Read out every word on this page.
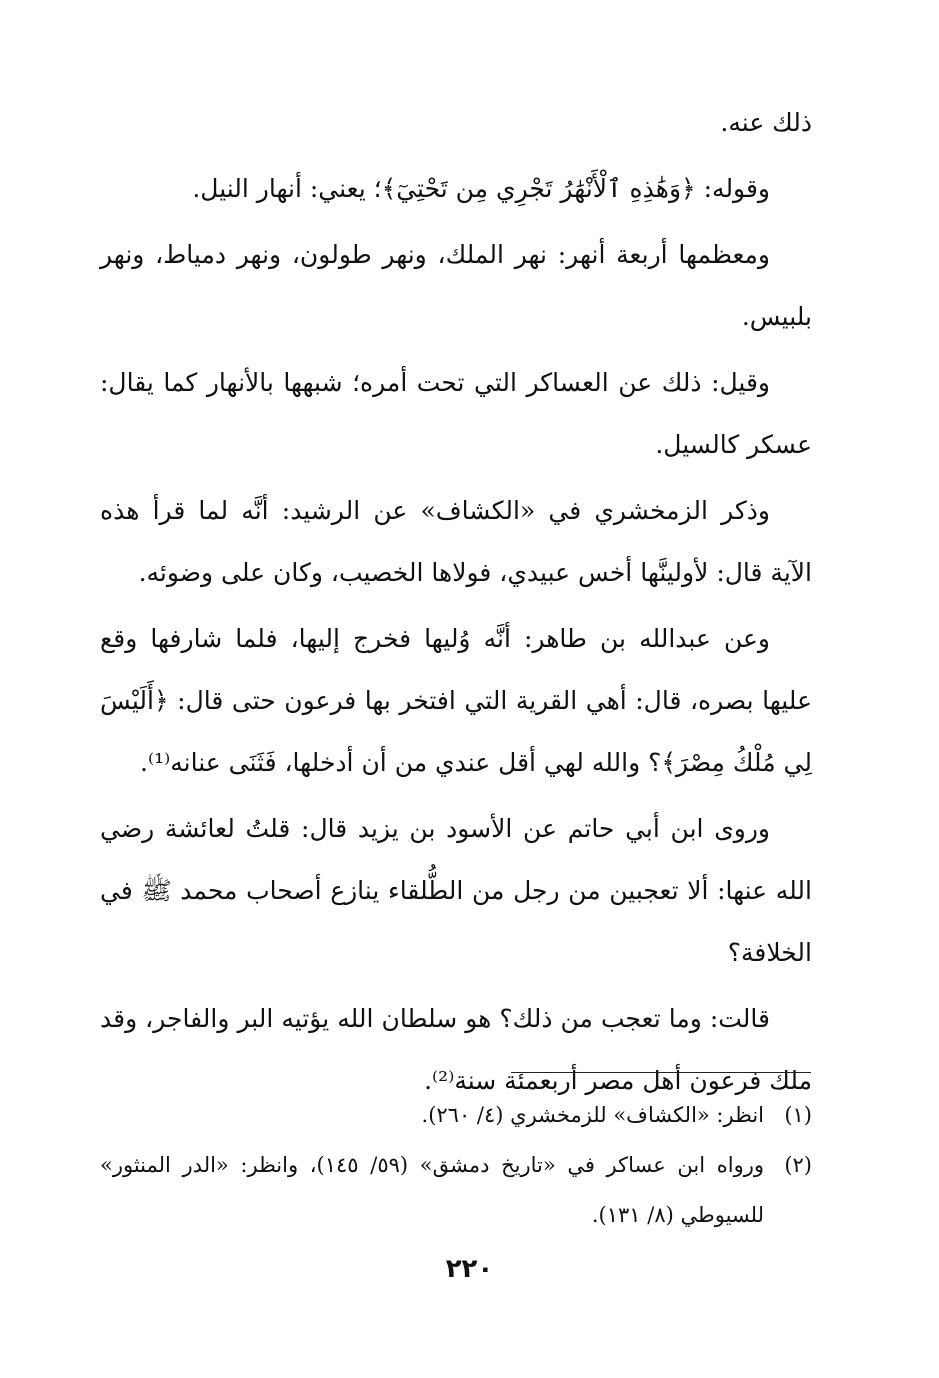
ذلك عنه.

وقوله: ﴿وَهَٰذِهِ ٱلْأَنْهَٰرُ تَجْرِي مِن تَحْتِيٓ﴾؛ يعني: أنهار النيل.

ومعظمها أربعة أنهر: نهر الملك، ونهر طولون، ونهر دمياط، ونهر بلبيس.

وقيل: ذلك عن العساكر التي تحت أمره؛ شبهها بالأنهار كما يقال: عسكر كالسيل.

وذكر الزمخشري في «الكشاف» عن الرشيد: أنَّه لما قرأ هذه الآية قال: لأولينَّها أخس عبيدي، فولاها الخصيب، وكان على وضوئه.

وعن عبدالله بن طاهر: أنَّه وُليها فخرج إليها، فلما شارفها وقع عليها بصره، قال: أهي القرية التي افتخر بها فرعون حتى قال: ﴿أَلَيْسَ لِي مُلْكُ مِصْرَ﴾؟ والله لهي أقل عندي من أن أدخلها، فَثَنَى عنانه⁽¹⁾.

وروى ابن أبي حاتم عن الأسود بن يزيد قال: قلتُ لعائشة رضي الله عنها: ألا تعجبين من رجل من الطُّلقاء ينازع أصحاب محمد ﷺ في الخلافة؟

قالت: وما تعجب من ذلك؟ هو سلطان الله يؤتيه البر والفاجر، وقد ملك فرعون أهل مصر أربعمئة سنة⁽²⁾.

(١)
انظر: «الكشاف» للزمخشري (٤/ ٢٦٠).
(٢)
ورواه ابن عساكر في «تاريخ دمشق» (٥٩/ ١٤٥)، وانظر: «الدر المنثور» للسيوطي (٨/ ١٣١).
٢٢٠
